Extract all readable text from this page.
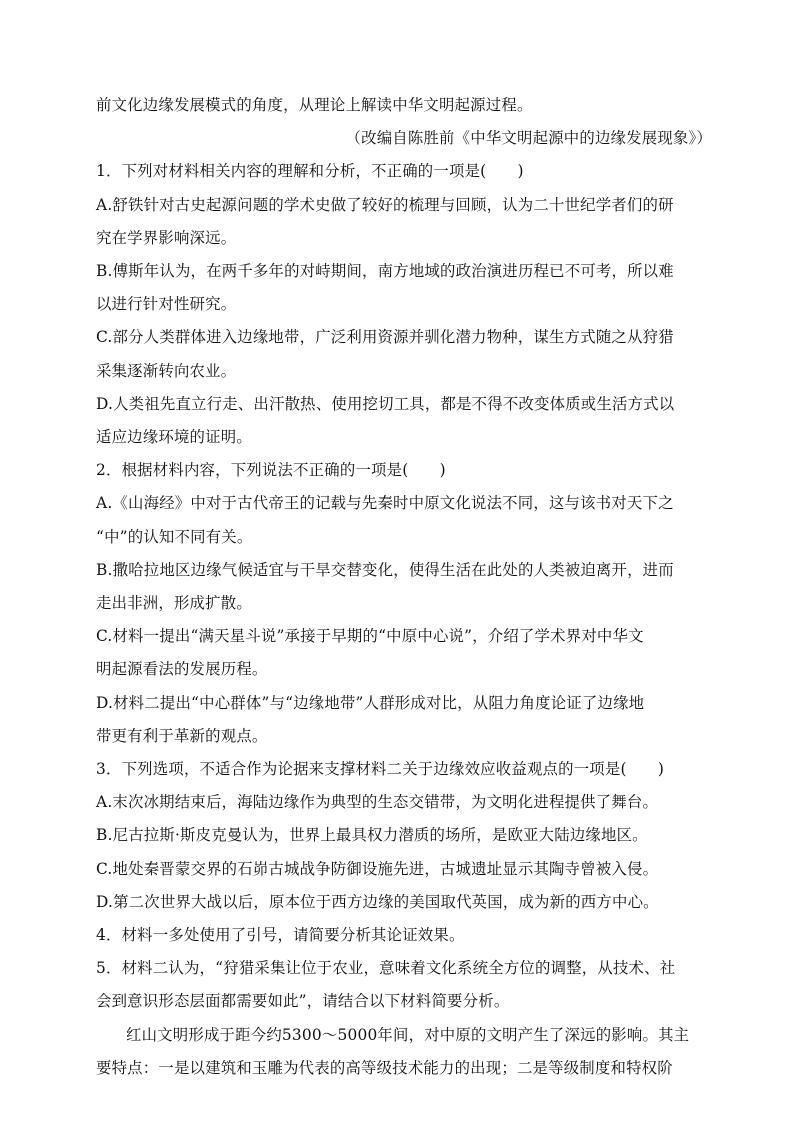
前文化边缘发展模式的角度，从理论上解读中华文明起源过程。
（改编自陈胜前《中华文明起源中的边缘发展现象》）
1．下列对材料相关内容的理解和分析，不正确的一项是(　　)
A.舒铁针对古史起源问题的学术史做了较好的梳理与回顾，认为二十世纪学者们的研
究在学界影响深远。
B.傅斯年认为，在两千多年的对峙期间，南方地域的政治演进历程已不可考，所以难
以进行针对性研究。
C.部分人类群体进入边缘地带，广泛利用资源并驯化潜力物种，谋生方式随之从狩猎
采集逐渐转向农业。
D.人类祖先直立行走、出汗散热、使用挖切工具，都是不得不改变体质或生活方式以
适应边缘环境的证明。
2．根据材料内容，下列说法不正确的一项是(　　)
A.《山海经》中对于古代帝王的记载与先秦时中原文化说法不同，这与该书对天下之
“中”的认知不同有关。
B.撒哈拉地区边缘气候适宜与干旱交替变化，使得生活在此处的人类被迫离开，进而
走出非洲，形成扩散。
C.材料一提出“满天星斗说”承接于早期的“中原中心说”，介绍了学术界对中华文
明起源看法的发展历程。
D.材料二提出“中心群体”与“边缘地带”人群形成对比，从阻力角度论证了边缘地
带更有利于革新的观点。
3．下列选项，不适合作为论据来支撑材料二关于边缘效应收益观点的一项是(　　)
A.末次冰期结束后，海陆边缘作为典型的生态交错带，为文明化进程提供了舞台。
B.尼古拉斯·斯皮克曼认为，世界上最具权力潜质的场所，是欧亚大陆边缘地区。
C.地处秦晋蒙交界的石峁古城战争防御设施先进，古城遗址显示其陶寺曾被入侵。
D.第二次世界大战以后，原本位于西方边缘的美国取代英国，成为新的西方中心。
4．材料一多处使用了引号，请简要分析其论证效果。
5．材料二认为，“狩猎采集让位于农业，意味着文化系统全方位的调整，从技术、社
会到意识形态层面都需要如此”，请结合以下材料简要分析。
红山文明形成于距今约5300～5000年间，对中原的文明产生了深远的影响。其主
要特点：一是以建筑和玉雕为代表的高等级技术能力的出现；二是等级制度和特权阶
